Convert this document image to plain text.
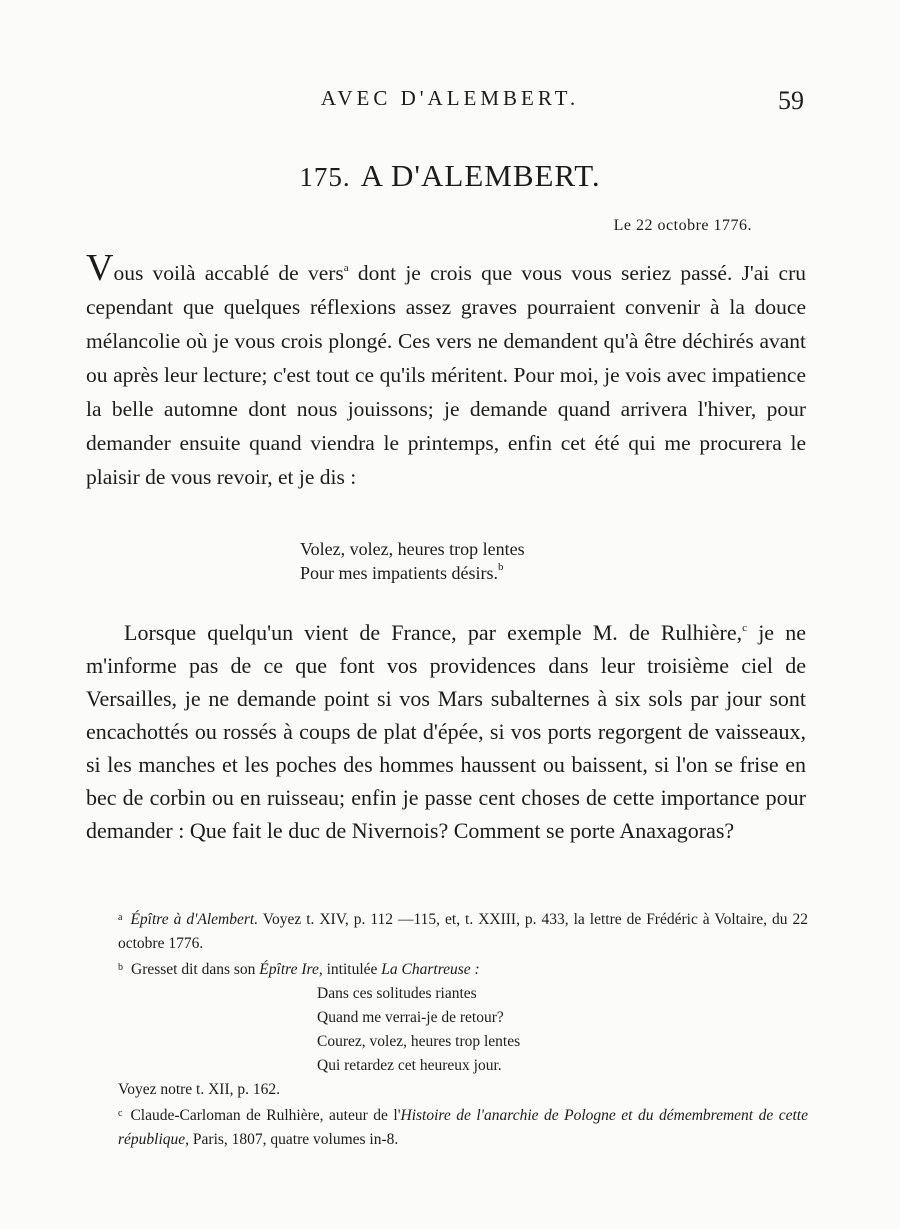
AVEC D'ALEMBERT.	59
175. A D'ALEMBERT.
Le 22 octobre 1776.

Vous voilà accablé de vers$^a$ dont je crois que vous vous seriez passé. J'ai cru cependant que quelques réflexions assez graves pourraient convenir à la douce mélancolie où je vous crois plongé. Ces vers ne demandent qu'à être déchirés avant ou après leur lecture; c'est tout ce qu'ils méritent. Pour moi, je vois avec impatience la belle automne dont nous jouissons; je demande quand arrivera l'hiver, pour demander ensuite quand viendra le printemps, enfin cet été qui me procurera le plaisir de vous revoir, et je dis :

Volez, volez, heures trop lentes
Pour mes impatients désirs.$^b$

Lorsque quelqu'un vient de France, par exemple M. de Rulhière,$^c$ je ne m'informe pas de ce que font vos providences dans leur troisième ciel de Versailles, je ne demande point si vos Mars subalternes à six sols par jour sont encachottés ou rossés à coups de plat d'épée, si vos ports regorgent de vaisseaux, si les manches et les poches des hommes haussent ou baissent, si l'on se frise en bec de corbin ou en ruisseau; enfin je passe cent choses de cette importance pour demander : Que fait le duc de Nivernois? Comment se porte Anaxagoras?

$^a$ Épître à d'Alembert. Voyez t. XIV, p. 112 —115, et, t. XXIII, p. 433, la lettre de Frédéric à Voltaire, du 22 octobre 1776.

$^b$ Gresset dit dans son Épître Ire, intitulée La Chartreuse :

Dans ces solitudes riantes
Quand me verrai-je de retour?
Courez, volez, heures trop lentes
Qui retardez cet heureux jour.

Voyez notre t. XII, p. 162.

$^c$ Claude-Carloman de Rulhière, auteur de l'Histoire de l'anarchie de Pologne et du démembrement de cette république, Paris, 1807, quatre volumes in-8.
